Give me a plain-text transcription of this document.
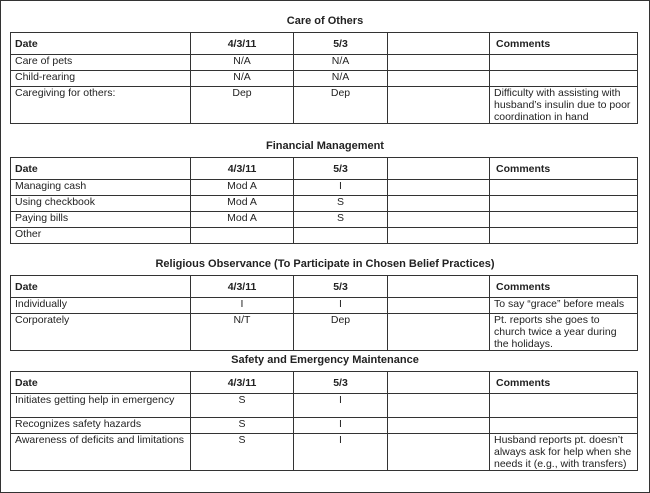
Care of Others
Date	4/3/11	5/3		Comments
Care of pets	N/A	N/A		
Child-rearing	N/A	N/A		
Caregiving for others:	Dep	Dep		Difficulty with assisting with husband’s insulin due to poor coordination in hand
Financial Management
Date	4/3/11	5/3		Comments
Managing cash	Mod A	I		
Using checkbook	Mod A	S		
Paying bills	Mod A	S		
Other				
Religious Observance (To Participate in Chosen Belief Practices)
Date	4/3/11	5/3		Comments
Individually	I	I		To say “grace” before meals
Corporately	N/T	Dep		Pt. reports she goes to church twice a year during the holidays.
Safety and Emergency Maintenance
Date	4/3/11	5/3		Comments
Initiates getting help in emergency	S	I		
Recognizes safety hazards	S	I		
Awareness of deficits and limitations	S	I		Husband reports pt. doesn’t always ask for help when she needs it (e.g., with transfers)
